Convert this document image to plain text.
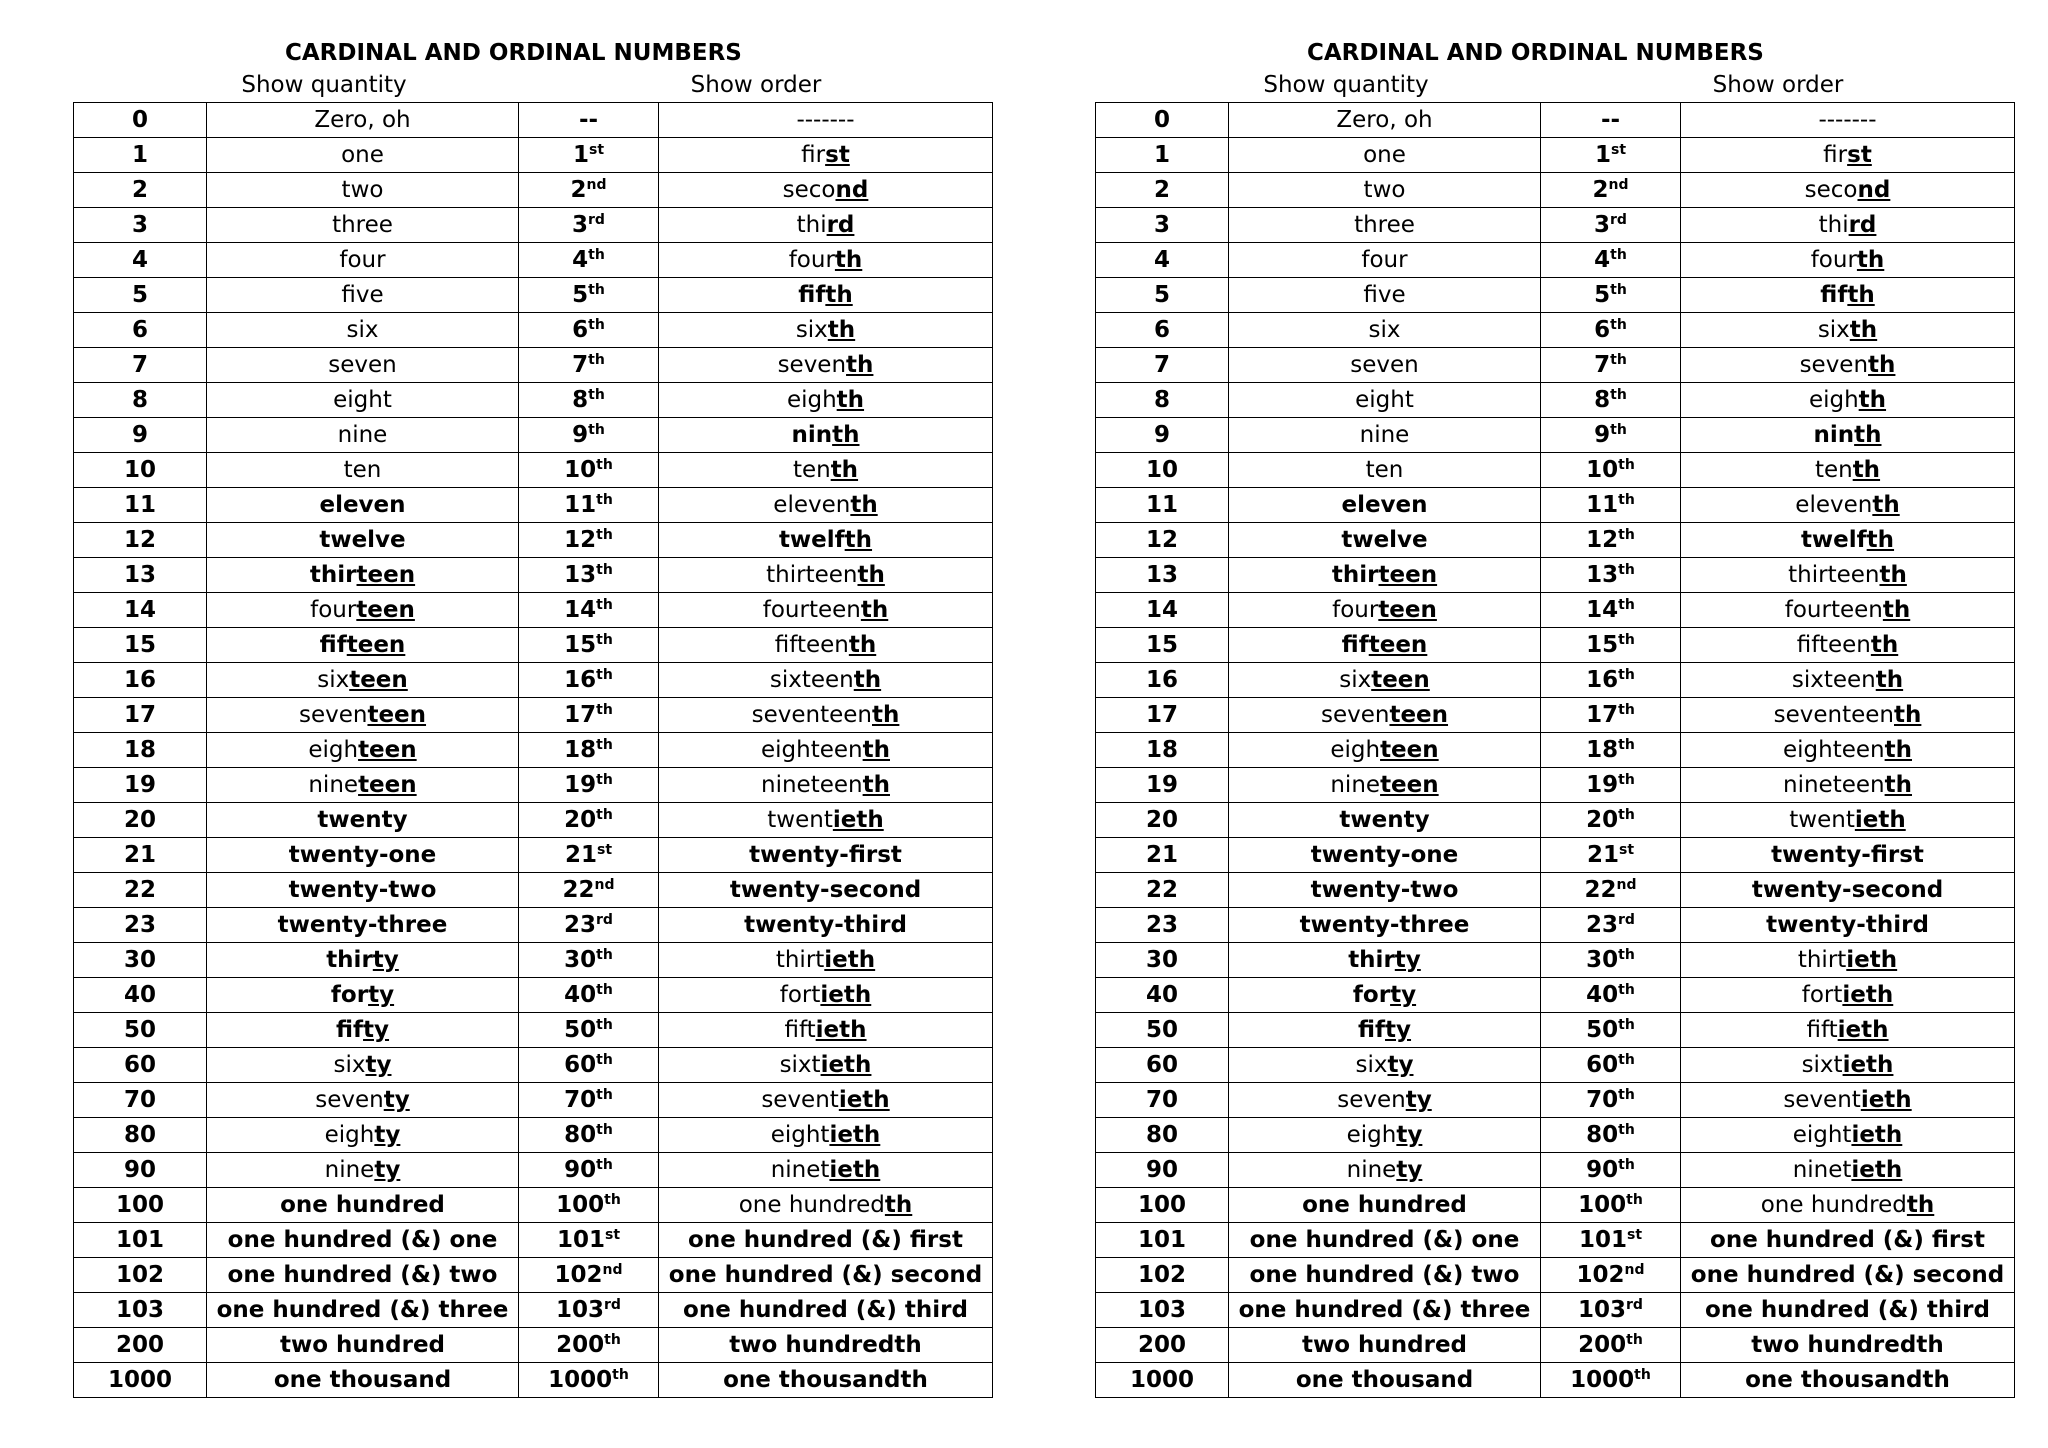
CARDINAL AND ORDINAL NUMBERS
Show quantity	Show order
0	Zero, oh	--	-------
1	one	1st	first
2	two	2nd	second
3	three	3rd	third
4	four	4th	fourth
5	five	5th	fifth
6	six	6th	sixth
7	seven	7th	seventh
8	eight	8th	eighth
9	nine	9th	ninth
10	ten	10th	tenth
11	eleven	11th	eleventh
12	twelve	12th	twelfth
13	thirteen	13th	thirteenth
14	fourteen	14th	fourteenth
15	fifteen	15th	fifteenth
16	sixteen	16th	sixteenth
17	seventeen	17th	seventeenth
18	eighteen	18th	eighteenth
19	nineteen	19th	nineteenth
20	twenty	20th	twentieth
21	twenty-one	21st	twenty-first
22	twenty-two	22nd	twenty-second
23	twenty-three	23rd	twenty-third
30	thirty	30th	thirtieth
40	forty	40th	fortieth
50	fifty	50th	fiftieth
60	sixty	60th	sixtieth
70	seventy	70th	seventieth
80	eighty	80th	eightieth
90	ninety	90th	ninetieth
100	one hundred	100th	one hundredth
101	one hundred (&) one	101st	one hundred (&) first
102	one hundred (&) two	102nd	one hundred (&) second
103	one hundred (&) three	103rd	one hundred (&) third
200	two hundred	200th	two hundredth
1000	one thousand	1000th	one thousandth
CARDINAL AND ORDINAL NUMBERS
Show quantity	Show order
0	Zero, oh	--	-------
1	one	1st	first
2	two	2nd	second
3	three	3rd	third
4	four	4th	fourth
5	five	5th	fifth
6	six	6th	sixth
7	seven	7th	seventh
8	eight	8th	eighth
9	nine	9th	ninth
10	ten	10th	tenth
11	eleven	11th	eleventh
12	twelve	12th	twelfth
13	thirteen	13th	thirteenth
14	fourteen	14th	fourteenth
15	fifteen	15th	fifteenth
16	sixteen	16th	sixteenth
17	seventeen	17th	seventeenth
18	eighteen	18th	eighteenth
19	nineteen	19th	nineteenth
20	twenty	20th	twentieth
21	twenty-one	21st	twenty-first
22	twenty-two	22nd	twenty-second
23	twenty-three	23rd	twenty-third
30	thirty	30th	thirtieth
40	forty	40th	fortieth
50	fifty	50th	fiftieth
60	sixty	60th	sixtieth
70	seventy	70th	seventieth
80	eighty	80th	eightieth
90	ninety	90th	ninetieth
100	one hundred	100th	one hundredth
101	one hundred (&) one	101st	one hundred (&) first
102	one hundred (&) two	102nd	one hundred (&) second
103	one hundred (&) three	103rd	one hundred (&) third
200	two hundred	200th	two hundredth
1000	one thousand	1000th	one thousandth
